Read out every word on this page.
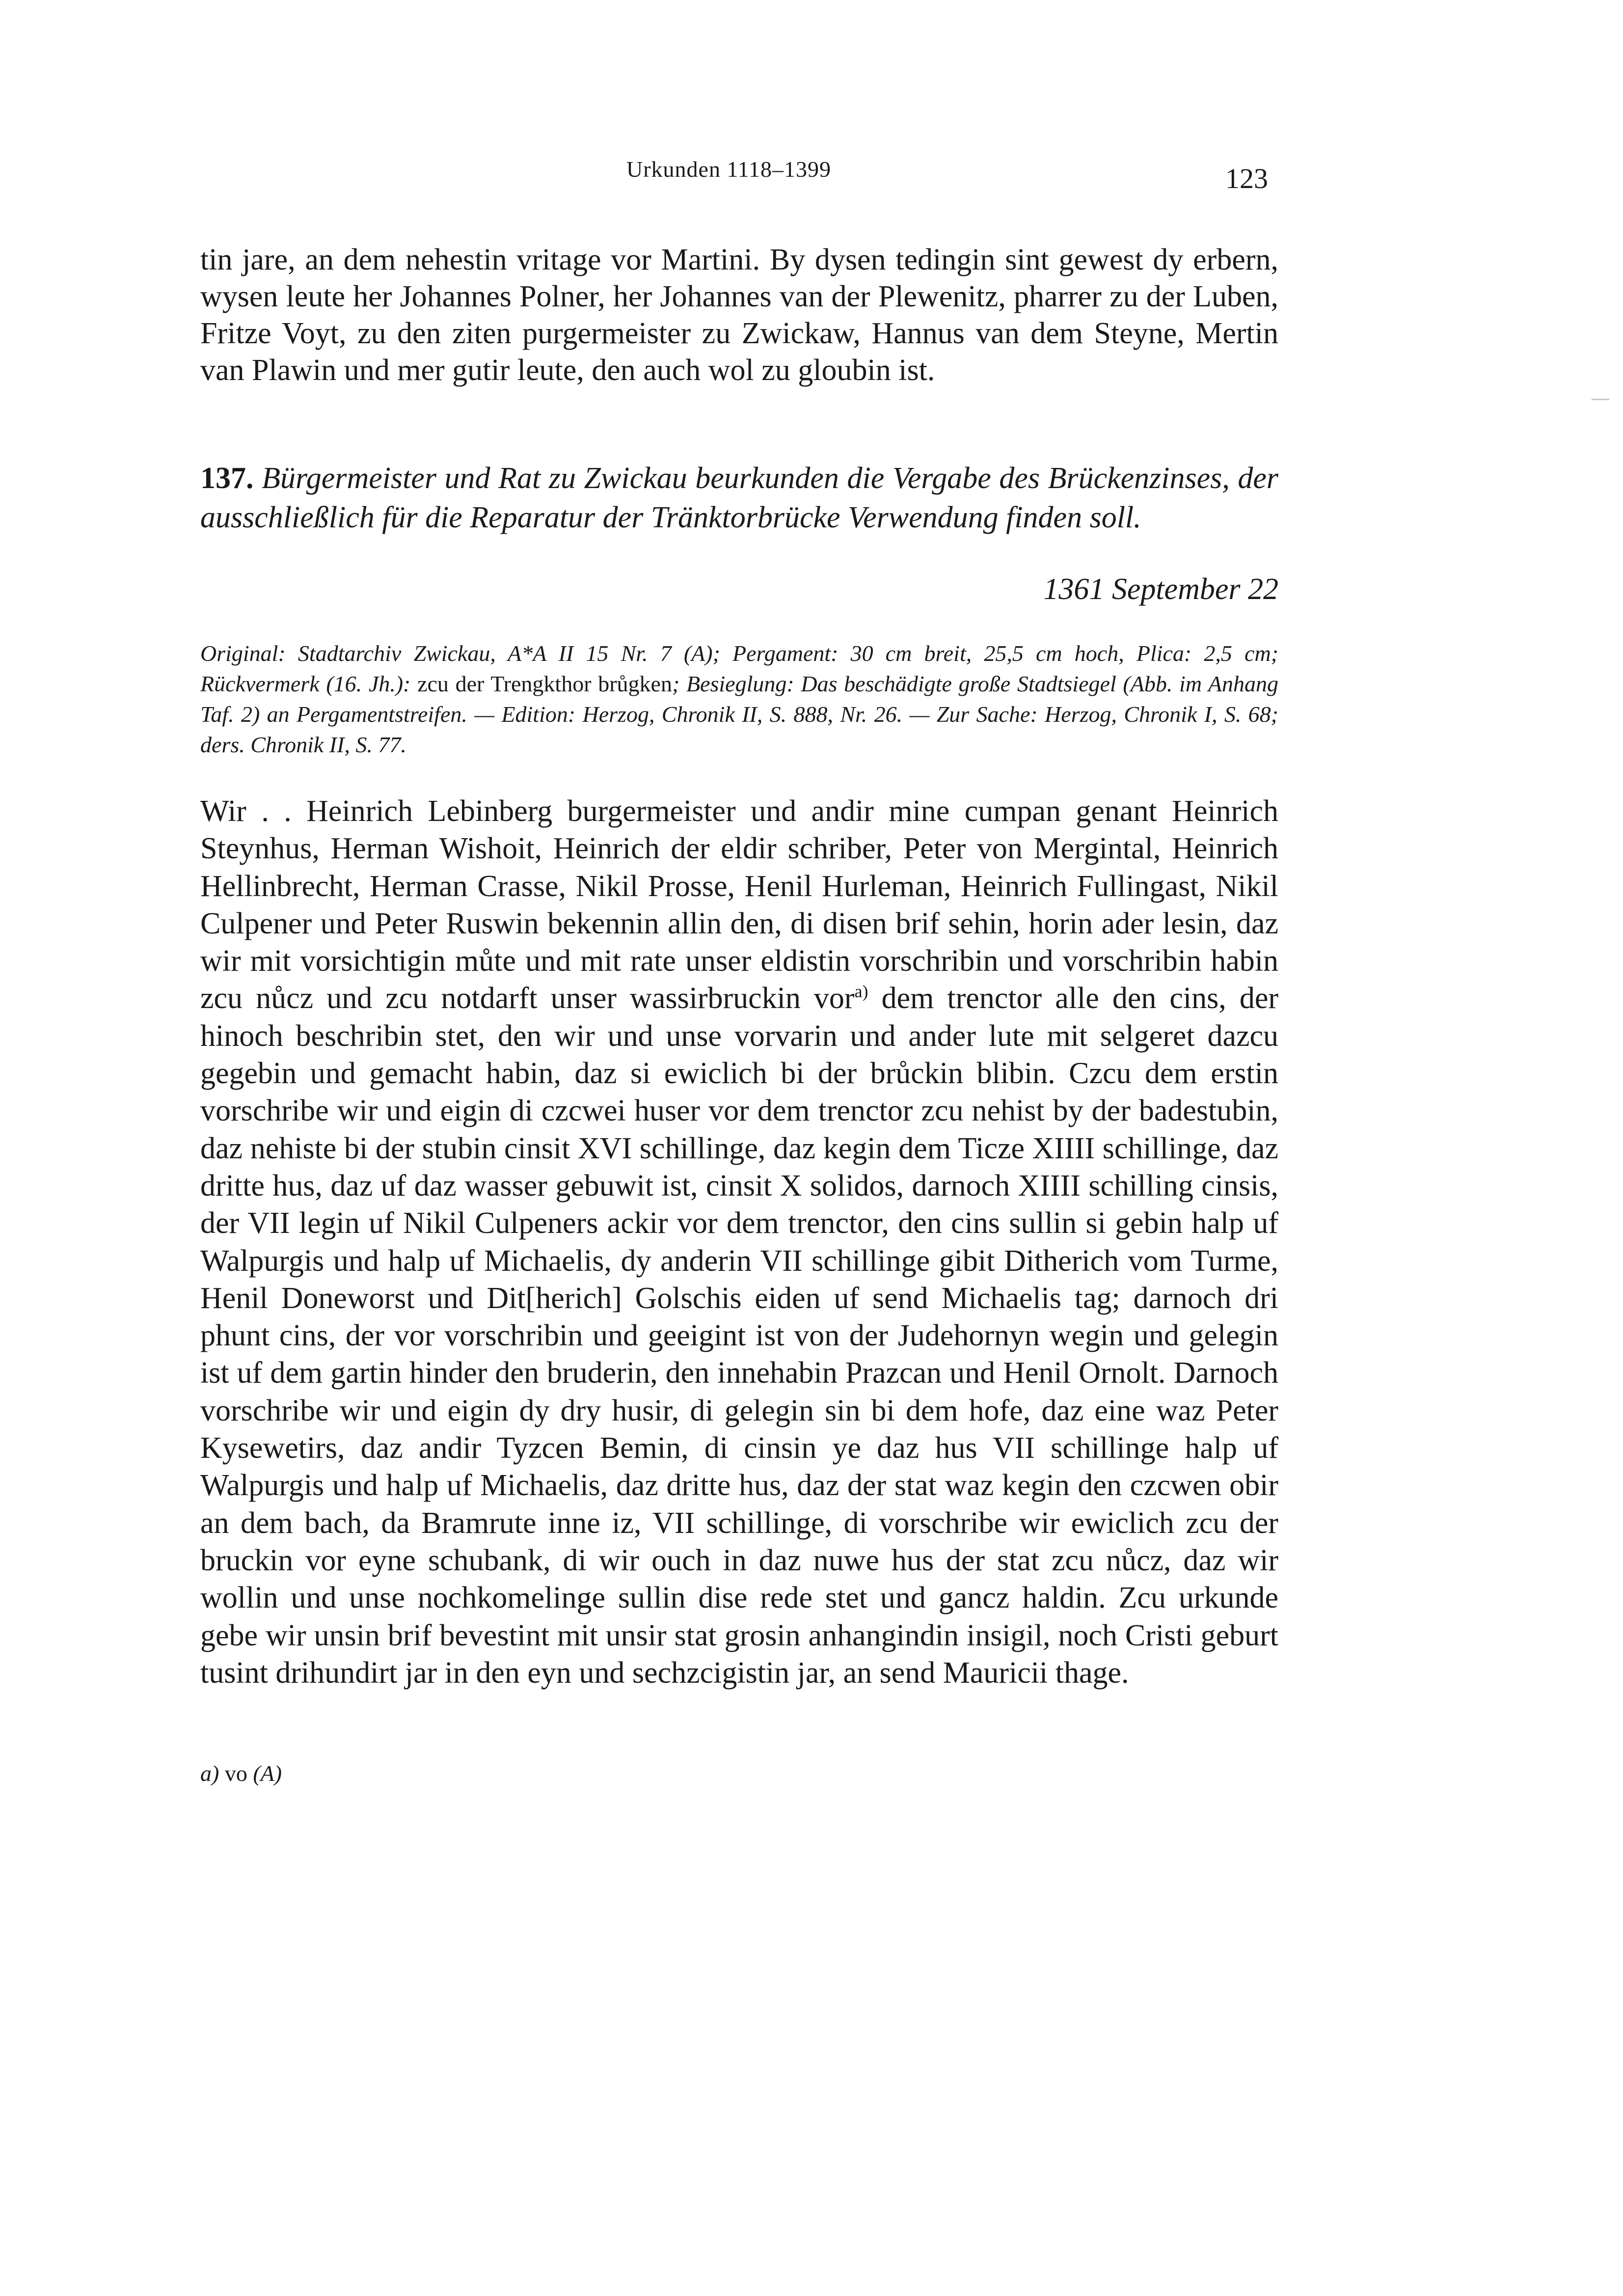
Urkunden 1118–1399	123
tin jare, an dem nehestin vritage vor Martini. By dysen tedingin sint gewest dy erbern, wysen leute her Johannes Polner, her Johannes van der Plewenitz, pharrer zu der Luben, Fritze Voyt, zu den ziten purgermeister zu Zwickaw, Hannus van dem Steyne, Mertin van Plawin und mer gutir leute, den auch wol zu gloubin ist.
137. Bürgermeister und Rat zu Zwickau beurkunden die Vergabe des Brückenzinses, der ausschließlich für die Reparatur der Tränktorbrücke Verwendung finden soll.
1361 September 22
Original: Stadtarchiv Zwickau, A*A II 15 Nr. 7 (A); Pergament: 30 cm breit, 25,5 cm hoch, Plica: 2,5 cm; Rückvermerk (16. Jh.): zcu der Trengkthor brůgken; Besieglung: Das beschädigte große Stadtsiegel (Abb. im Anhang Taf. 2) an Pergamentstreifen. — Edition: Herzog, Chronik II, S. 888, Nr. 26. — Zur Sache: Herzog, Chronik I, S. 68; ders. Chronik II, S. 77.
Wir . . Heinrich Lebinberg burgermeister und andir mine cumpan genant Heinrich Steynhus, Herman Wishoit, Heinrich der eldir schriber, Peter von Mergintal, Heinrich Hellinbrecht, Herman Crasse, Nikil Prosse, Henil Hurleman, Heinrich Fullingast, Nikil Culpener und Peter Ruswin bekennin allin den, di disen brif sehin, horin ader lesin, daz wir mit vorsichtigin můte und mit rate unser eldistin vorschribin und vorschribin habin zcu nůcz und zcu notdarft unser wassirbruckin vor$^{a)}$ dem trenctor alle den cins, der hinoch beschribin stet, den wir und unse vorvarin und ander lute mit selgeret dazcu gegebin und gemacht habin, daz si ewiclich bi der brůckin blibin. Czcu dem erstin vorschribe wir und eigin di czcwei huser vor dem trenctor zcu nehist by der badestubin, daz nehiste bi der stubin cinsit XVI schillinge, daz kegin dem Ticze XIIII schillinge, daz dritte hus, daz uf daz wasser gebuwit ist, cinsit X solidos, darnoch XIIII schilling cinsis, der VII legin uf Nikil Culpeners ackir vor dem trenctor, den cins sullin si gebin halp uf Walpurgis und halp uf Michaelis, dy anderin VII schillinge gibit Ditherich vom Turme, Henil Doneworst und Dit[herich] Golschis eiden uf send Michaelis tag; darnoch dri phunt cins, der vor vorschribin und geeigint ist von der Judehornyn wegin und gelegin ist uf dem gartin hinder den bruderin, den innehabin Prazcan und Henil Ornolt. Darnoch vorschribe wir und eigin dy dry husir, di gelegin sin bi dem hofe, daz eine waz Peter Kysewetirs, daz andir Tyzcen Bemin, di cinsin ye daz hus VII schillinge halp uf Walpurgis und halp uf Michaelis, daz dritte hus, daz der stat waz kegin den czcwen obir an dem bach, da Bramrute inne iz, VII schillinge, di vorschribe wir ewiclich zcu der bruckin vor eyne schubank, di wir ouch in daz nuwe hus der stat zcu nůcz, daz wir wollin und unse nochkomelinge sullin dise rede stet und gancz haldin. Zcu urkunde gebe wir unsin brif bevestint mit unsir stat grosin anhangindin insigil, noch Cristi geburt tusint drihundirt jar in den eyn und sechzcigistin jar, an send Mauricii thage.
a) vo (A)
